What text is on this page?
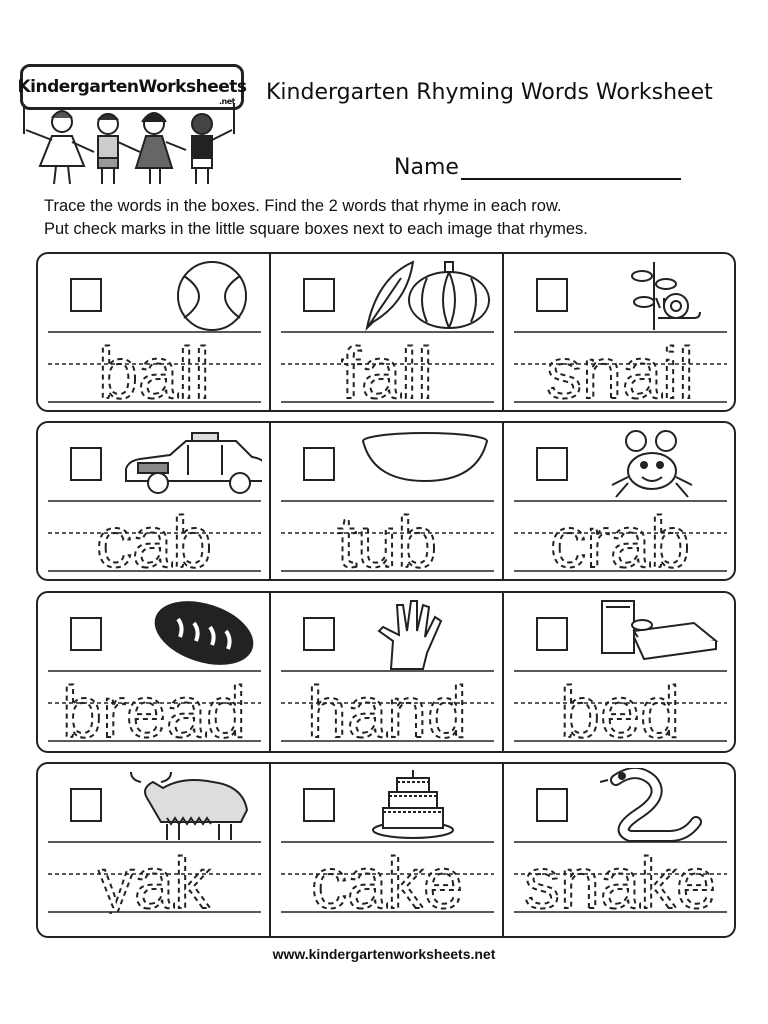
Kindergarten Worksheets
.net Kindergarten Rhyming Words Worksheet
Name
Trace the words in the boxes. Find the 2 words that rhyme in each row.
Put check marks in the little square boxes next to each image that rhymes.
ball fall snail
cab tub crab
bread hand bed
yak cake snake
www.kindergartenworksheets.net
